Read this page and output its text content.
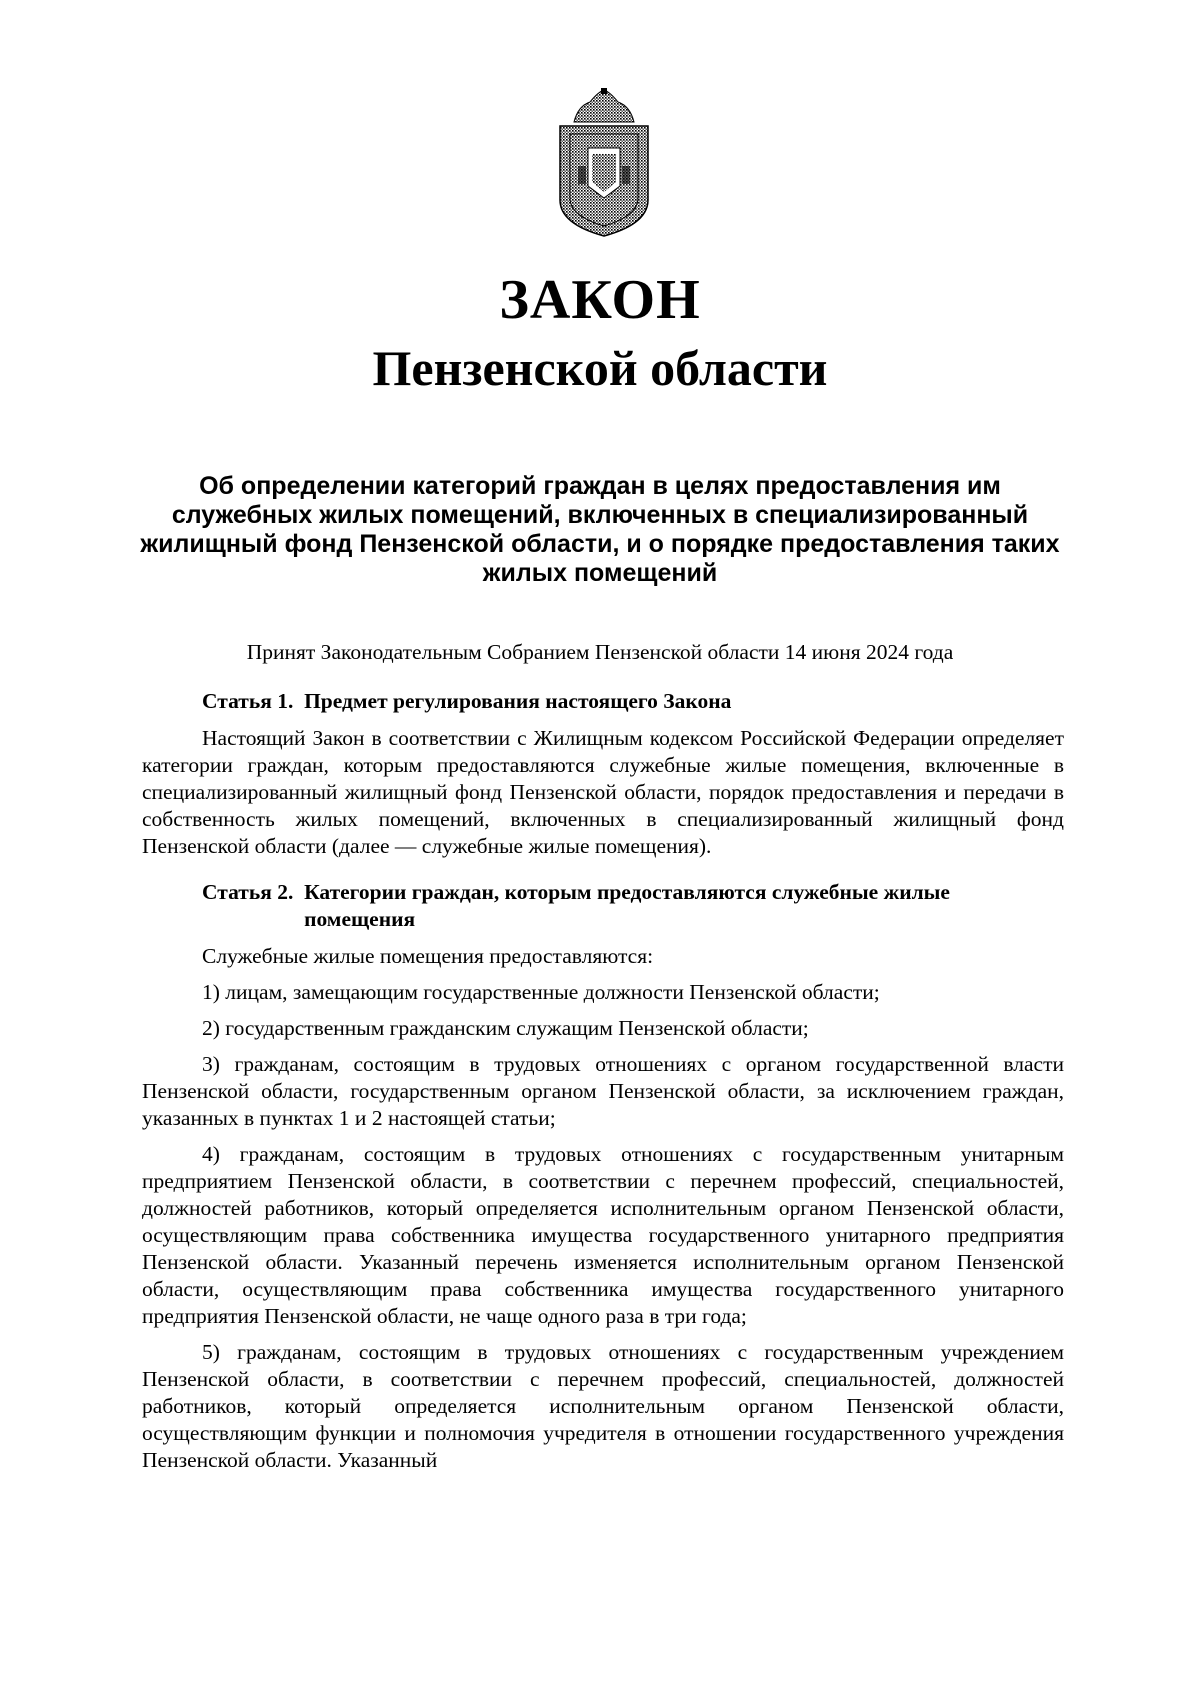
ЗАКОН
Пензенской области

Об определении категорий граждан в целях предоставления им служебных жилых помещений, включенных в специализированный жилищный фонд Пензенской области, и о порядке предоставления таких жилых помещений

Принят Законодательным Собранием Пензенской области 14 июня 2024 года

Статья 1. Предмет регулирования настоящего Закона

Настоящий Закон в соответствии с Жилищным кодексом Российской Федерации определяет категории граждан, которым предоставляются служебные жилые помещения, включенные в специализированный жилищный фонд Пензенской области, порядок предоставления и передачи в собственность жилых помещений, включенных в специализированный жилищный фонд Пензенской области (далее — служебные жилые помещения).

Статья 2. Категории граждан, которым предоставляются служебные жилые помещения

Служебные жилые помещения предоставляются:

1) лицам, замещающим государственные должности Пензенской области;

2) государственным гражданским служащим Пензенской области;

3) гражданам, состоящим в трудовых отношениях с органом государственной власти Пензенской области, государственным органом Пензенской области, за исключением граждан, указанных в пунктах 1 и 2 настоящей статьи;

4) гражданам, состоящим в трудовых отношениях с государственным унитарным предприятием Пензенской области, в соответствии с перечнем профессий, специальностей, должностей работников, который определяется исполнительным органом Пензенской области, осуществляющим права собственника имущества государственного унитарного предприятия Пензенской области. Указанный перечень изменяется исполнительным органом Пензенской области, осуществляющим права собственника имущества государственного унитарного предприятия Пензенской области, не чаще одного раза в три года;

5) гражданам, состоящим в трудовых отношениях с государственным учреждением Пензенской области, в соответствии с перечнем профессий, специальностей, должностей работников, который определяется исполнительным органом Пензенской области, осуществляющим функции и полномочия учредителя в отношении государственного учреждения Пензенской области. Указанный
